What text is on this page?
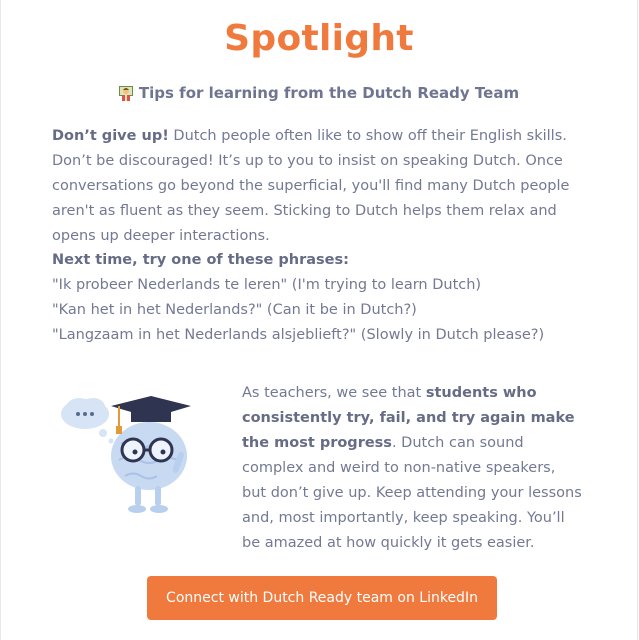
Spotlight
Tips for learning from the Dutch Ready Team
Don’t give up! Dutch people often like to show off their English skills. Don’t be discouraged! It’s up to you to insist on speaking Dutch. Once conversations go beyond the superficial, you'll find many Dutch people aren't as fluent as they seem. Sticking to Dutch helps them relax and opens up deeper interactions.
Next time, try one of these phrases:
"Ik probeer Nederlands te leren" (I'm trying to learn Dutch)
"Kan het in het Nederlands?" (Can it be in Dutch?)
"Langzaam in het Nederlands alsjeblieft?" (Slowly in Dutch please?)
As teachers, we see that students who consistently try, fail, and try again make the most progress. Dutch can sound complex and weird to non-native speakers, but don’t give up. Keep attending your lessons and, most importantly, keep speaking. You’ll be amazed at how quickly it gets easier.
Connect with Dutch Ready team on LinkedIn
